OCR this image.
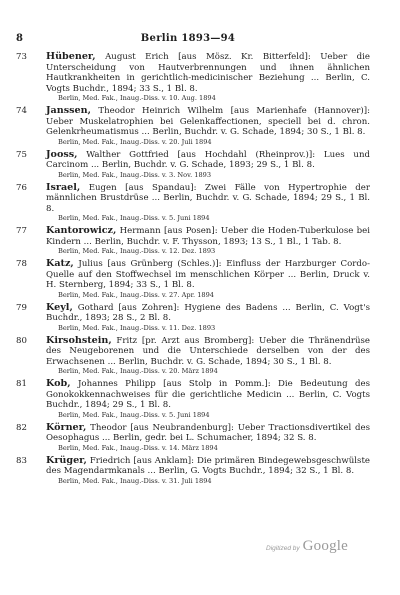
8	Berlin 1893—94
73 Hübener, August Erich [aus Mösz. Kr. Bitterfeld]: Ueber die Unterscheidung von Hautverbrennungen und ihnen ähnlichen Hautkrankheiten in gerichtlich-medicinischer Beziehung ... Berlin, C. Vogts Buchdr., 1894; 33 S., 1 Bl. 8.
Berlin, Med. Fak., Inaug.-Diss. v. 10. Aug. 1894
74 Janssen, Theodor Heinrich Wilhelm [aus Marienhafe (Hannover)]: Ueber Muskelatrophien bei Gelenkaffectionen, speciell bei d. chron. Gelenkrheumatismus ... Berlin, Buchdr. v. G. Schade, 1894; 30 S., 1 Bl. 8.
Berlin, Med. Fak., Inaug.-Diss. v. 20. Juli 1894
75 Jooss, Walther Gottfried [aus Hochdahl (Rheinprov.)]: Lues und Carcinom ... Berlin, Buchdr. v. G. Schade, 1893; 29 S., 1 Bl. 8.
Berlin, Med. Fak., Inaug.-Diss. v. 3. Nov. 1893
76 Israel, Eugen [aus Spandau]: Zwei Fälle von Hypertrophie der männlichen Brustdrüse ... Berlin, Buchdr. v. G. Schade, 1894; 29 S., 1 Bl. 8.
Berlin, Med. Fak., Inaug.-Diss. v. 5. Juni 1894
77 Kantorowicz, Hermann [aus Posen]: Ueber die Hoden-Tuberkulose bei Kindern ... Berlin, Buchdr. v. F. Thysson, 1893; 13 S., 1 Bl., 1 Tab. 8.
Berlin, Med. Fak., Inaug.-Diss. v. 12. Dez. 1893
78 Katz, Julius [aus Grünberg (Schles.)]: Einfluss der Harzburger Cordo-Quelle auf den Stoffwechsel im menschlichen Körper ... Berlin, Druck v. H. Sternberg, 1894; 33 S., 1 Bl. 8.
Berlin, Med. Fak., Inaug.-Diss. v. 27. Apr. 1894
79 Keyl, Gothard [aus Zohren]: Hygiene des Badens ... Berlin, C. Vogt's Buchdr., 1893; 28 S., 2 Bl. 8.
Berlin, Med. Fak., Inaug.-Diss. v. 11. Dez. 1893
80 Kirsohstein, Fritz [pr. Arzt aus Bromberg]: Ueber die Thränendrüse des Neugeborenen und die Unterschiede derselben von der des Erwachsenen ... Berlin, Buchdr. v. G. Schade, 1894; 30 S., 1 Bl. 8.
Berlin, Med. Fak., Inaug.-Diss. v. 20. März 1894
81 Kob, Johannes Philipp [aus Stolp in Pomm.]: Die Bedeutung des Gonokokkennachweises für die gerichtliche Medicin ... Berlin, C. Vogts Buchdr., 1894; 29 S., 1 Bl. 8.
Berlin, Med. Fak., Inaug.-Diss. v. 5. Juni 1894
82 Körner, Theodor [aus Neubrandenburg]: Ueber Tractionsdivertikel des Oesophagus ... Berlin, gedr. bei L. Schumacher, 1894; 32 S. 8.
Berlin, Med. Fak., Inaug.-Diss. v. 14. März 1894
83 Krüger, Friedrich [aus Anklam]: Die primären Bindegewebsgeschwülste des Magendarmkanals ... Berlin, G. Vogts Buchdr., 1894; 32 S., 1 Bl. 8.
Berlin, Med. Fak., Inaug.-Diss. v. 31. Juli 1894
Digitized by Google
